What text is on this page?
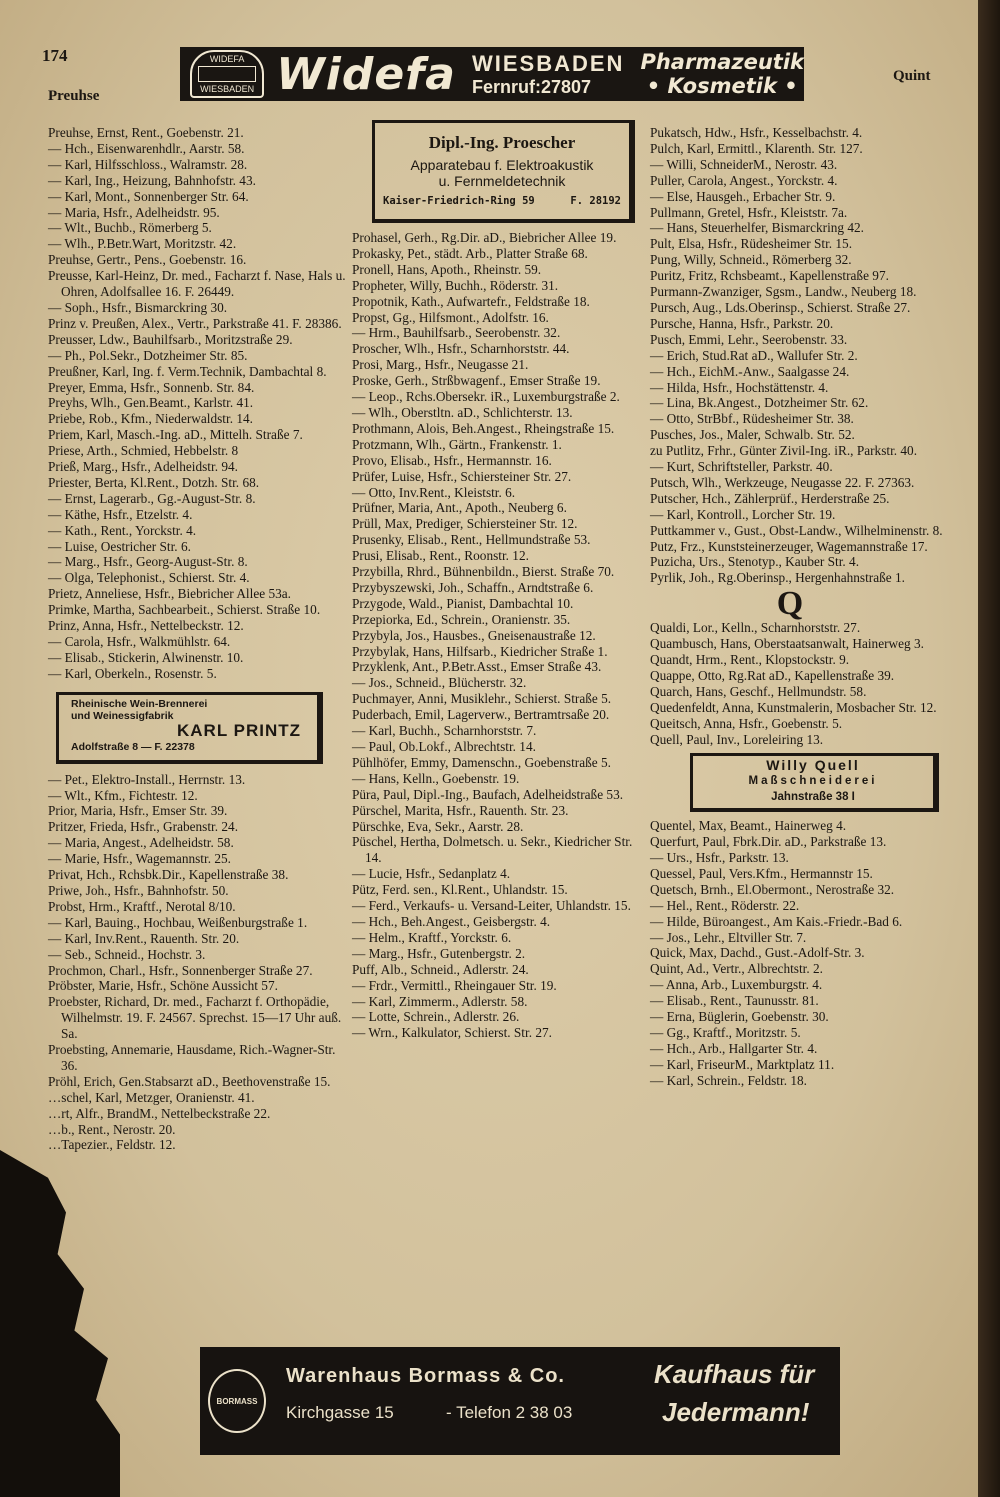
174
Preuhse
Quint
WIDEFA
WIESBADEN Widefa WIESBADEN
Fernruf:27807
Pharmazeutik
• Kosmetik •
Preuhse, Ernst, Rent., Goebenstr. 21.
— Hch., Eisenwarenhdlr., Aarstr. 58.
— Karl, Hilfsschloss., Walramstr. 28.
— Karl, Ing., Heizung, Bahnhofstr. 43.
— Karl, Mont., Sonnenberger Str. 64.
— Maria, Hsfr., Adelheidstr. 95.
— Wlt., Buchb., Römerberg 5.
— Wlh., P.Betr.Wart, Moritzstr. 42.
Preuhse, Gertr., Pens., Goebenstr. 16.
Preusse, Karl-Heinz, Dr. med., Facharzt f. Nase, Hals u. Ohren, Adolfsallee 16. F. 26449.
— Soph., Hsfr., Bismarckring 30.
Prinz v. Preußen, Alex., Vertr., Parkstraße 41. F. 28386.
Preusser, Ldw., Bauhilfsarb., Moritzstraße 29.
— Ph., Pol.Sekr., Dotzheimer Str. 85.
Preußner, Karl, Ing. f. Verm.Technik, Dambachtal 8.
Preyer, Emma, Hsfr., Sonnenb. Str. 84.
Preyhs, Wlh., Gen.Beamt., Karlstr. 41.
Priebe, Rob., Kfm., Niederwaldstr. 14.
Priem, Karl, Masch.-Ing. aD., Mittelh. Straße 7.
Priese, Arth., Schmied, Hebbelstr. 8
Prieß, Marg., Hsfr., Adelheidstr. 94.
Priester, Berta, Kl.Rent., Dotzh. Str. 68.
— Ernst, Lagerarb., Gg.-August-Str. 8.
— Käthe, Hsfr., Etzelstr. 4.
— Kath., Rent., Yorckstr. 4.
— Luise, Oestricher Str. 6.
— Marg., Hsfr., Georg-August-Str. 8.
— Olga, Telephonist., Schierst. Str. 4.
Prietz, Anneliese, Hsfr., Biebricher Allee 53a.
Primke, Martha, Sachbearbeit., Schierst. Straße 10.
Prinz, Anna, Hsfr., Nettelbeckstr. 12.
— Carola, Hsfr., Walkmühlstr. 64.
— Elisab., Stickerin, Alwinenstr. 10.
— Karl, Oberkeln., Rosenstr. 5.
Rheinische Wein-Brennerei
und Weinessigfabrik
KARL PRINTZ
Adolfstraße 8 — F. 22378
— Pet., Elektro-Install., Herrnstr. 13.
— Wlt., Kfm., Fichtestr. 12.
Prior, Maria, Hsfr., Emser Str. 39.
Pritzer, Frieda, Hsfr., Grabenstr. 24.
— Maria, Angest., Adelheidstr. 58.
— Marie, Hsfr., Wagemannstr. 25.
Privat, Hch., Rchsbk.Dir., Kapellenstraße 38.
Priwe, Joh., Hsfr., Bahnhofstr. 50.
Probst, Hrm., Kraftf., Nerotal 8/10.
— Karl, Bauing., Hochbau, Weißenburgstraße 1.
— Karl, Inv.Rent., Rauenth. Str. 20.
— Seb., Schneid., Hochstr. 3.
Prochmon, Charl., Hsfr., Sonnenberger Straße 27.
Pröbster, Marie, Hsfr., Schöne Aussicht 57.
Proebster, Richard, Dr. med., Facharzt f. Orthopädie, Wilhelmstr. 19. F. 24567. Sprechst. 15—17 Uhr auß. Sa.
Proebsting, Annemarie, Hausdame, Rich.-Wagner-Str. 36.
Pröhl, Erich, Gen.Stabsarzt aD., Beethovenstraße 15.
…schel, Karl, Metzger, Oranienstr. 41.
…rt, Alfr., BrandM., Nettelbeckstraße 22.
…b., Rent., Nerostr. 20.
…Tapezier., Feldstr. 12.
Dipl.-Ing. Proescher
Apparatebau f. Elektroakustik
u. Fernmeldetechnik
Kaiser-Friedrich-Ring 59	F. 28192
Prohasel, Gerh., Rg.Dir. aD., Biebricher Allee 19.
Prokasky, Pet., städt. Arb., Platter Straße 68.
Pronell, Hans, Apoth., Rheinstr. 59.
Propheter, Willy, Buchh., Röderstr. 31.
Propotnik, Kath., Aufwartefr., Feldstraße 18.
Propst, Gg., Hilfsmont., Adolfstr. 16.
— Hrm., Bauhilfsarb., Seerobenstr. 32.
Proscher, Wlh., Hsfr., Scharnhorststr. 44.
Prosi, Marg., Hsfr., Neugasse 21.
Proske, Gerh., Strßbwagenf., Emser Straße 19.
— Leop., Rchs.Obersekr. iR., Luxemburgstraße 2.
— Wlh., Oberstltn. aD., Schlichterstr. 13.
Prothmann, Alois, Beh.Angest., Rheingstraße 15.
Protzmann, Wlh., Gärtn., Frankenstr. 1.
Provo, Elisab., Hsfr., Hermannstr. 16.
Prüfer, Luise, Hsfr., Schiersteiner Str. 27.
— Otto, Inv.Rent., Kleiststr. 6.
Prüfner, Maria, Ant., Apoth., Neuberg 6.
Prüll, Max, Prediger, Schiersteiner Str. 12.
Prusenky, Elisab., Rent., Hellmundstraße 53.
Prusi, Elisab., Rent., Roonstr. 12.
Przybilla, Rhrd., Bühnenbildn., Bierst. Straße 70.
Przybyszewski, Joh., Schaffn., Arndtstraße 6.
Przygode, Wald., Pianist, Dambachtal 10.
Przepiorka, Ed., Schrein., Oranienstr. 35.
Przybyla, Jos., Hausbes., Gneisenaustraße 12.
Przybylak, Hans, Hilfsarb., Kiedricher Straße 1.
Przyklenk, Ant., P.Betr.Asst., Emser Straße 43.
— Jos., Schneid., Blücherstr. 32.
Puchmayer, Anni, Musiklehr., Schierst. Straße 5.
Puderbach, Emil, Lagerverw., Bertramtrsaße 20.
— Karl, Buchh., Scharnhorststr. 7.
— Paul, Ob.Lokf., Albrechtstr. 14.
Pühlhöfer, Emmy, Damenschn., Goebenstraße 5.
— Hans, Kelln., Goebenstr. 19.
Püra, Paul, Dipl.-Ing., Baufach, Adelheidstraße 53.
Pürschel, Marita, Hsfr., Rauenth. Str. 23.
Pürschke, Eva, Sekr., Aarstr. 28.
Püschel, Hertha, Dolmetsch. u. Sekr., Kiedricher Str. 14.
— Lucie, Hsfr., Sedanplatz 4.
Pütz, Ferd. sen., Kl.Rent., Uhlandstr. 15.
— Ferd., Verkaufs- u. Versand-Leiter, Uhlandstr. 15.
— Hch., Beh.Angest., Geisbergstr. 4.
— Helm., Kraftf., Yorckstr. 6.
— Marg., Hsfr., Gutenbergstr. 2.
Puff, Alb., Schneid., Adlerstr. 24.
— Frdr., Vermittl., Rheingauer Str. 19.
— Karl, Zimmerm., Adlerstr. 58.
— Lotte, Schrein., Adlerstr. 26.
— Wrn., Kalkulator, Schierst. Str. 27.
Pukatsch, Hdw., Hsfr., Kesselbachstr. 4.
Pulch, Karl, Ermittl., Klarenth. Str. 127.
— Willi, SchneiderM., Nerostr. 43.
Puller, Carola, Angest., Yorckstr. 4.
— Else, Hausgeh., Erbacher Str. 9.
Pullmann, Gretel, Hsfr., Kleiststr. 7a.
— Hans, Steuerhelfer, Bismarckring 42.
Pult, Elsa, Hsfr., Rüdesheimer Str. 15.
Pung, Willy, Schneid., Römerberg 32.
Puritz, Fritz, Rchsbeamt., Kapellenstraße 97.
Purmann-Zwanziger, Sgsm., Landw., Neuberg 18.
Pursch, Aug., Lds.Oberinsp., Schierst. Straße 27.
Pursche, Hanna, Hsfr., Parkstr. 20.
Pusch, Emmi, Lehr., Seerobenstr. 33.
— Erich, Stud.Rat aD., Wallufer Str. 2.
— Hch., EichM.-Anw., Saalgasse 24.
— Hilda, Hsfr., Hochstättenstr. 4.
— Lina, Bk.Angest., Dotzheimer Str. 62.
— Otto, StrBbf., Rüdesheimer Str. 38.
Pusches, Jos., Maler, Schwalb. Str. 52.
zu Putlitz, Frhr., Günter Zivil-Ing. iR., Parkstr. 40.
— Kurt, Schriftsteller, Parkstr. 40.
Putsch, Wlh., Werkzeuge, Neugasse 22. F. 27363.
Putscher, Hch., Zählerprüf., Herderstraße 25.
— Karl, Kontroll., Lorcher Str. 19.
Puttkammer v., Gust., Obst-Landw., Wilhelminenstr. 8.
Putz, Frz., Kunststeinerzeuger, Wagemannstraße 17.
Puzicha, Urs., Stenotyp., Kauber Str. 4.
Pyrlik, Joh., Rg.Oberinsp., Hergenhahnstraße 1.
Q
Qualdi, Lor., Kelln., Scharnhorststr. 27.
Quambusch, Hans, Oberstaatsanwalt, Hainerweg 3.
Quandt, Hrm., Rent., Klopstockstr. 9.
Quappe, Otto, Rg.Rat aD., Kapellenstraße 39.
Quarch, Hans, Geschf., Hellmundstr. 58.
Quedenfeldt, Anna, Kunstmalerin, Mosbacher Str. 12.
Queitsch, Anna, Hsfr., Goebenstr. 5.
Quell, Paul, Inv., Loreleiring 13.
Willy Quell
Maßschneiderei
Jahnstraße 38 I
Quentel, Max, Beamt., Hainerweg 4.
Querfurt, Paul, Fbrk.Dir. aD., Parkstraße 13.
— Urs., Hsfr., Parkstr. 13.
Quessel, Paul, Vers.Kfm., Hermannstr 15.
Quetsch, Brnh., El.Obermont., Nerostraße 32.
— Hel., Rent., Röderstr. 22.
— Hilde, Büroangest., Am Kais.-Friedr.-Bad 6.
— Jos., Lehr., Eltviller Str. 7.
Quick, Max, Dachd., Gust.-Adolf-Str. 3.
Quint, Ad., Vertr., Albrechtstr. 2.
— Anna, Arb., Luxemburgstr. 4.
— Elisab., Rent., Taunusstr. 81.
— Erna, Büglerin, Goebenstr. 30.
— Gg., Kraftf., Moritzstr. 5.
— Hch., Arb., Hallgarter Str. 4.
— Karl, FriseurM., Marktplatz 11.
— Karl, Schrein., Feldstr. 18.
BORMASS
Warenhaus Bormass & Co.
Kirchgasse 15	- Telefon 2 38 03
Kaufhaus für
Jedermann!
